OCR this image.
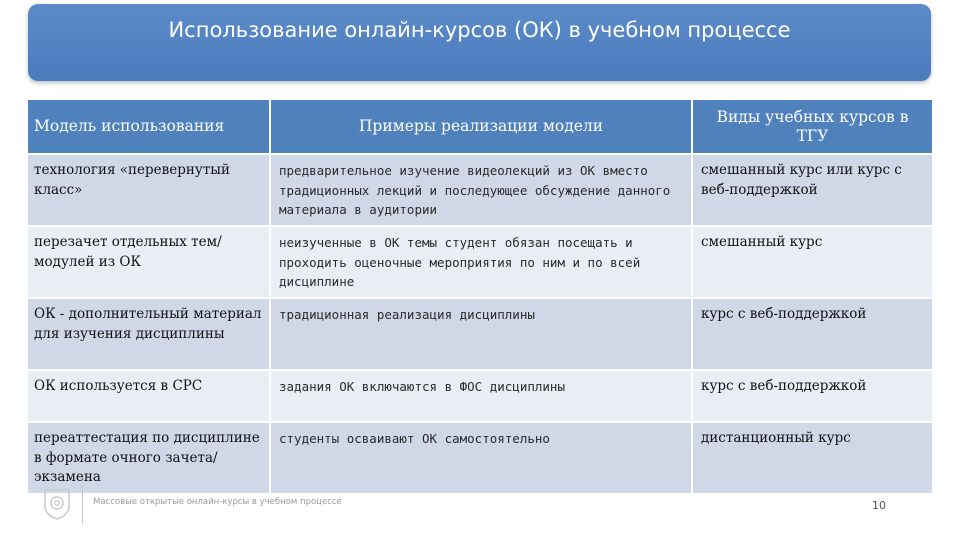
Использование онлайн-курсов (ОК) в учебном процессе
Модель использования	Примеры реализации модели	Виды учебных курсов в ТГУ
технология «перевернутый класс»	предварительное изучение видеолекций из ОК вместо традиционных лекций и последующее обсуждение данного материала в аудитории	смешанный курс или курс с веб-поддержкой
перезачет отдельных тем/модулей из ОК	неизученные в ОК темы студент обязан посещать и проходить оценочные мероприятия по ним и по всей дисциплине	смешанный курс
ОК - дополнительный материал для изучения дисциплины	традиционная реализация дисциплины	курс с веб-поддержкой
ОК используется в СРС	задания ОК включаются в ФОС дисциплины	курс с веб-поддержкой
переаттестация по дисциплине в формате очного зачета/экзамена	студенты осваивают ОК самостоятельно	дистанционный курс
Массовые открытые онлайн-курсы в учебном процессе	10
